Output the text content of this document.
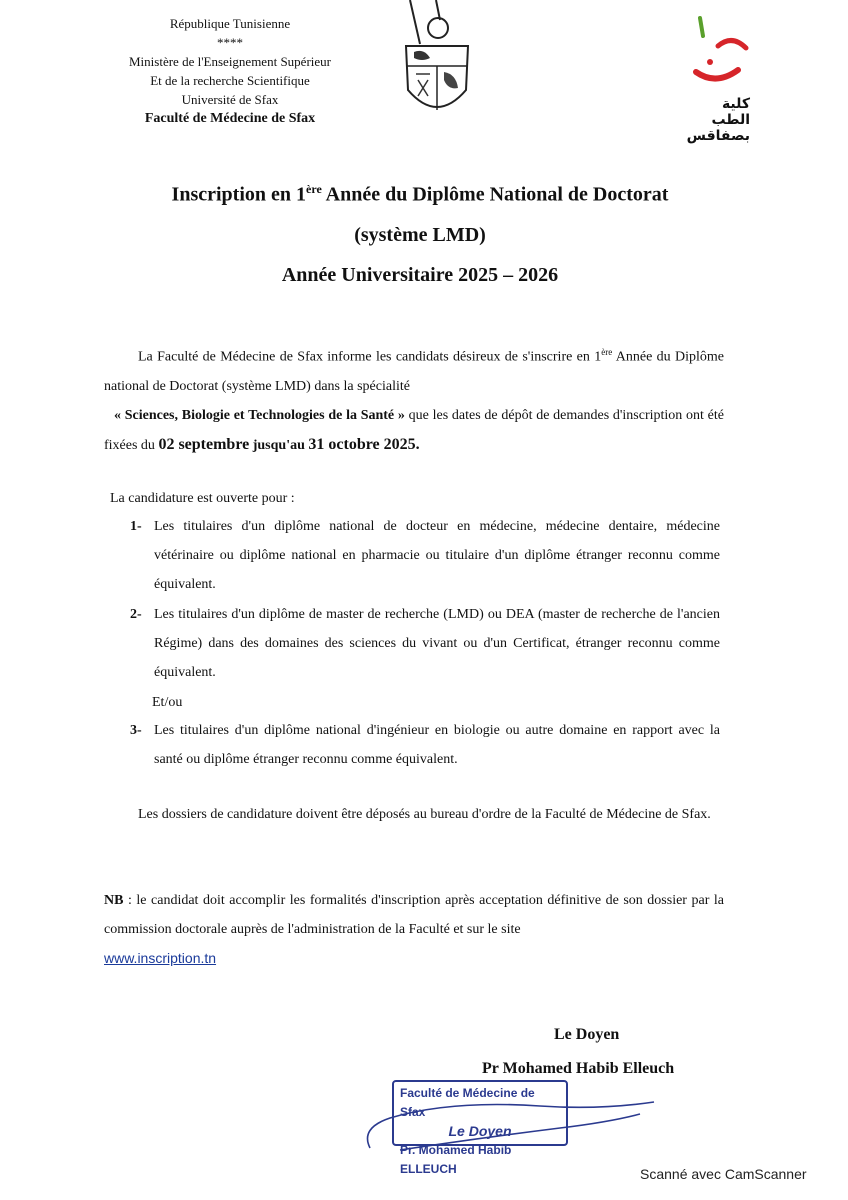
République Tunisienne
****
Ministère de l'Enseignement Supérieur
Et de la recherche Scientifique
Université de Sfax
Faculté de Médecine de Sfax
كلية
الطب
بصفاقس
Inscription en 1ère Année du Diplôme National de Doctorat
(système LMD)
Année Universitaire 2025 – 2026

La Faculté de Médecine de Sfax informe les candidats désireux de s'inscrire en 1ère Année du Diplôme national de Doctorat (système LMD) dans la spécialité
« Sciences, Biologie et Technologies de la Santé » que les dates de dépôt de demandes d'inscription ont été fixées du 02 septembre jusqu'au 31 octobre 2025.

La candidature est ouverte pour :
1- Les titulaires d'un diplôme national de docteur en médecine, médecine dentaire, médecine vétérinaire ou diplôme national en pharmacie ou titulaire d'un diplôme étranger reconnu comme équivalent.
2- Les titulaires d'un diplôme de master de recherche (LMD) ou DEA (master de recherche de l'ancien Régime) dans des domaines des sciences du vivant ou d'un Certificat, étranger reconnu comme équivalent.
Et/ou
3- Les titulaires d'un diplôme national d'ingénieur en biologie ou autre domaine en rapport avec la santé ou diplôme étranger reconnu comme équivalent.

Les dossiers de candidature doivent être déposés au bureau d'ordre de la Faculté de Médecine de Sfax.

NB : le candidat doit accomplir les formalités d'inscription après acceptation définitive de son dossier par la commission doctorale auprès de l'administration de la Faculté et sur le site
www.inscription.tn

Le Doyen
Pr Mohamed Habib Elleuch
Faculté de Médecine de Sfax
Le Doyen
Pr. Mohamed Habib ELLEUCH	Scanné avec CamScanner
